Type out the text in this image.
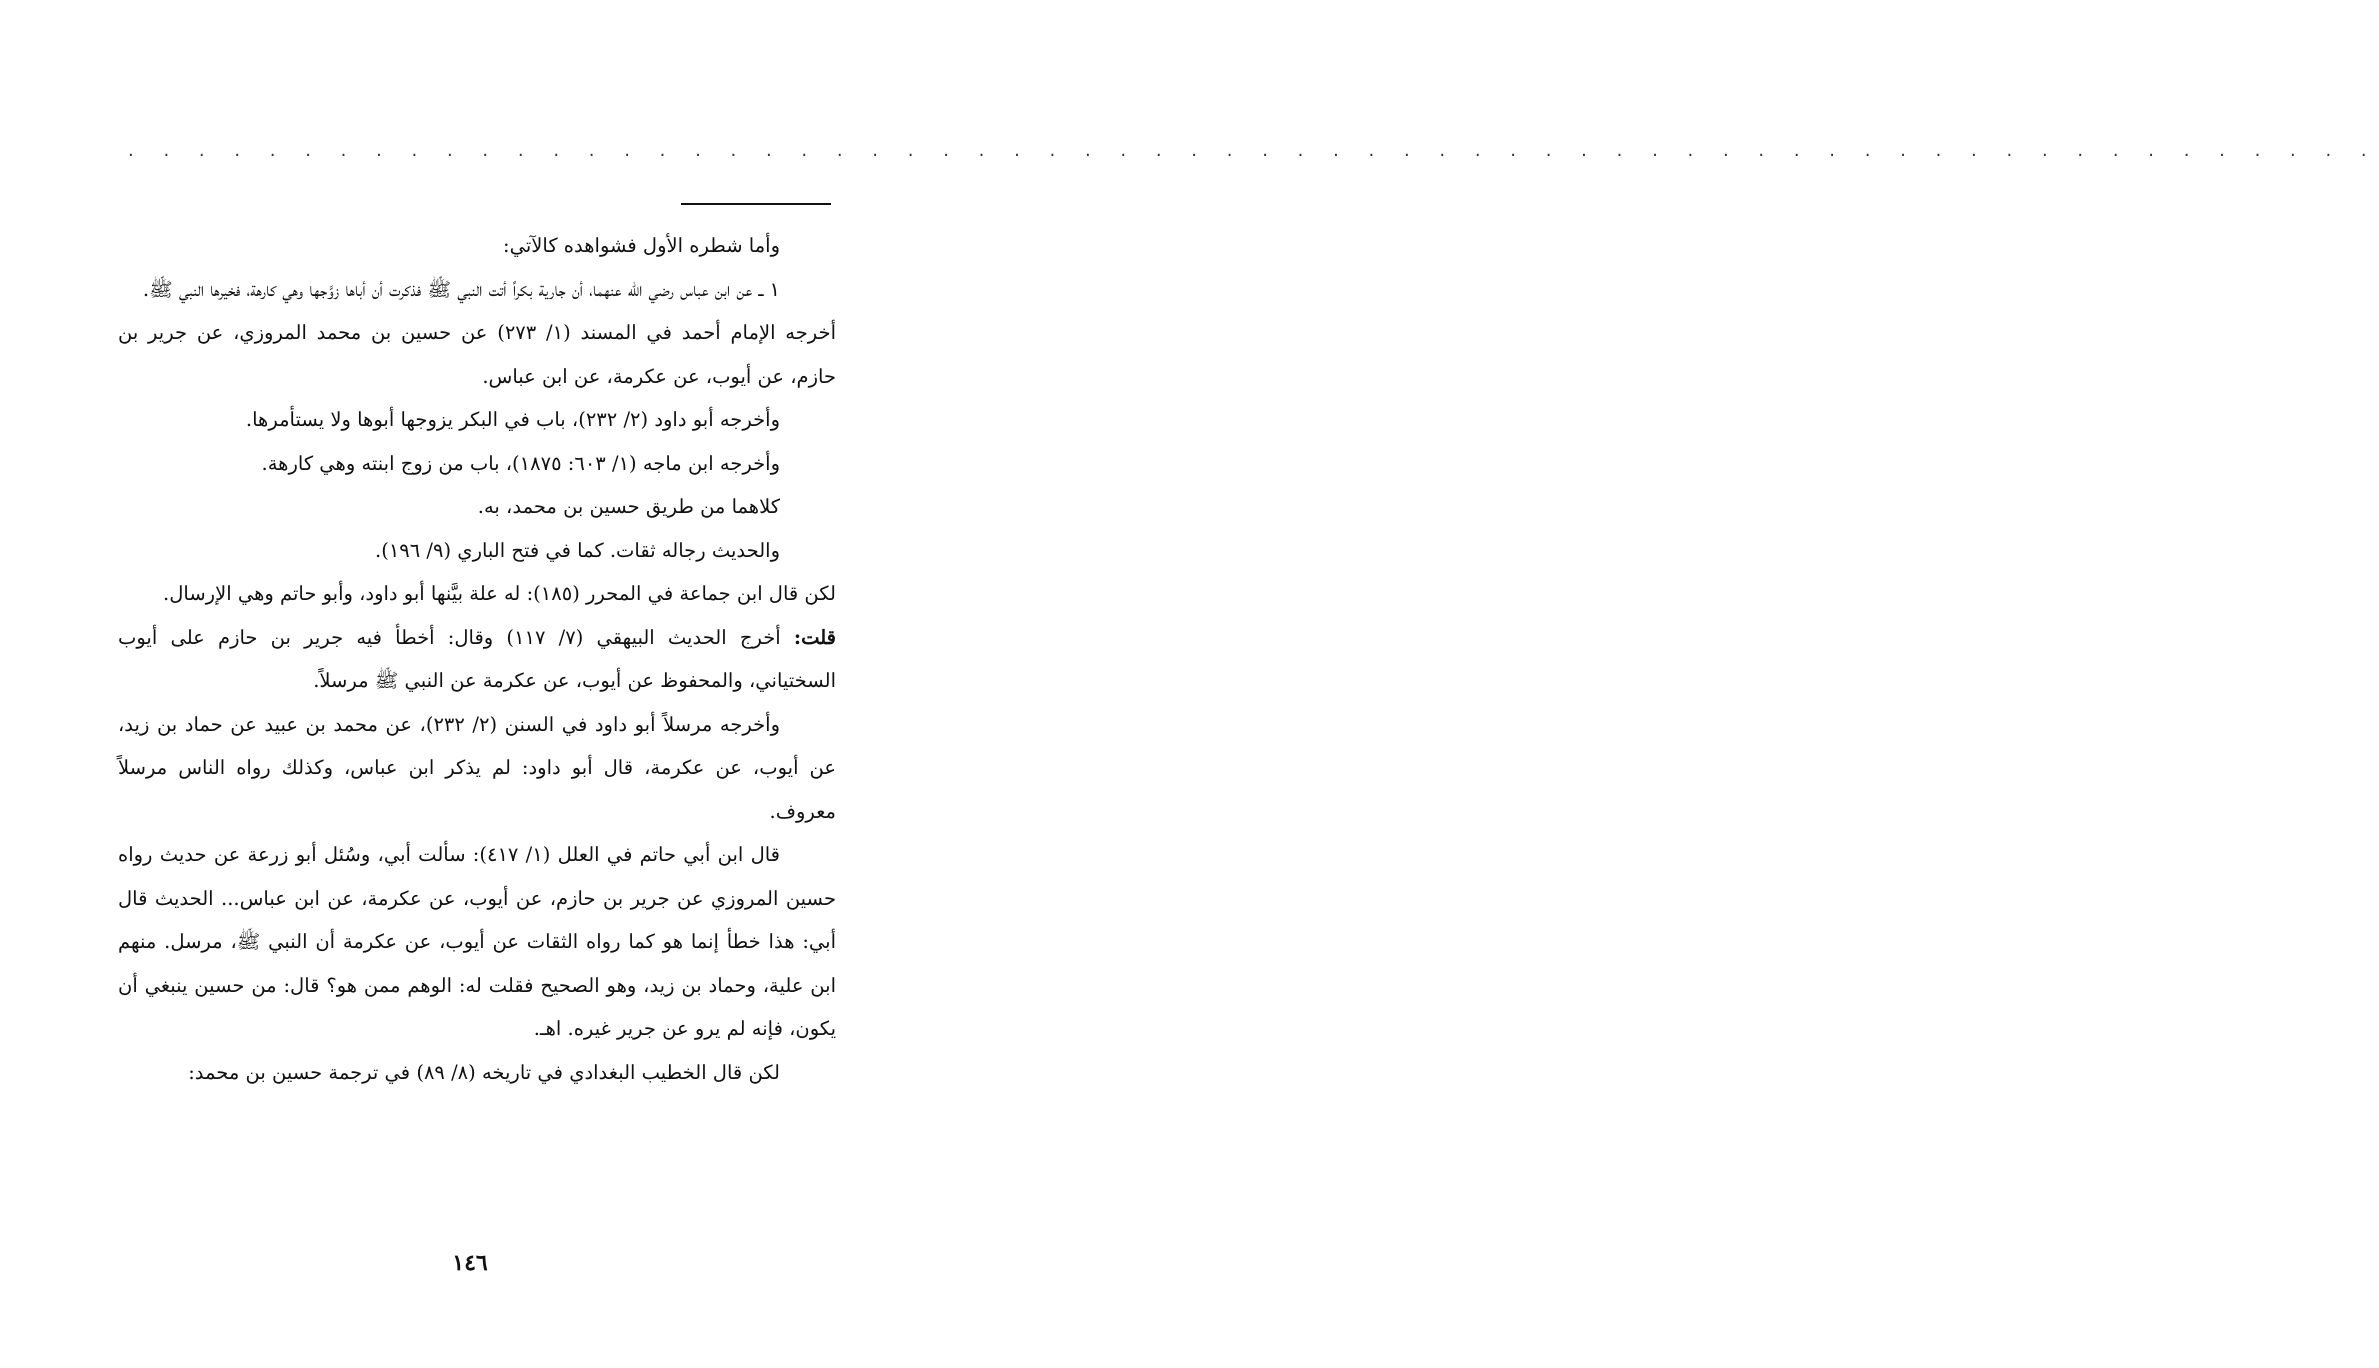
. . . . . . . . . . . . . . . . . . . . . . . . . . . . . . . . . . . . . . . . . . . . . . . . . . . . . . . . . . . . . . . .

وأما شطره الأول فشواهده كالآتي:

١ ــ عن ابن عباس رضي الله عنهما، أن جارية بكراً أتت النبي ﷺ فذكرت أن أباها زوَّجها وهي كارهة، فخيرها النبي ﷺ.

أخرجه الإمام أحمد في المسند (١/ ٢٧٣) عن حسين بن محمد المروزي، عن جرير بن حازم، عن أيوب، عن عكرمة، عن ابن عباس.

وأخرجه أبو داود (٢/ ٢٣٢)، باب في البكر يزوجها أبوها ولا يستأمرها.

وأخرجه ابن ماجه (١/ ٦٠٣: ١٨٧٥)، باب من زوج ابنته وهي كارهة.

كلاهما من طريق حسين بن محمد، به.

والحديث رجاله ثقات. كما في فتح الباري (٩/ ١٩٦).

لكن قال ابن جماعة في المحرر (١٨٥): له علة بيَّنها أبو داود، وأبو حاتم وهي الإرسال.

قلت: أخرج الحديث البيهقي (٧/ ١١٧) وقال: أخطأ فيه جرير بن حازم على أيوب السختياني، والمحفوظ عن أيوب، عن عكرمة عن النبي ﷺ مرسلاً.

وأخرجه مرسلاً أبو داود في السنن (٢/ ٢٣٢)، عن محمد بن عبيد عن حماد بن زيد، عن أيوب، عن عكرمة، قال أبو داود: لم يذكر ابن عباس، وكذلك رواه الناس مرسلاً معروف.

قال ابن أبي حاتم في العلل (١/ ٤١٧): سألت أبي، وسُئل أبو زرعة عن حديث رواه حسين المروزي عن جرير بن حازم، عن أيوب، عن عكرمة، عن ابن عباس... الحديث قال أبي: هذا خطأ إنما هو كما رواه الثقات عن أيوب، عن عكرمة أن النبي ﷺ، مرسل. منهم ابن علية، وحماد بن زيد، وهو الصحيح فقلت له: الوهم ممن هو؟ قال: من حسين ينبغي أن يكون، فإنه لم يرو عن جرير غيره. اهـ.

لكن قال الخطيب البغدادي في تاريخه (٨/ ٨٩) في ترجمة حسين بن محمد:

١٤٦
